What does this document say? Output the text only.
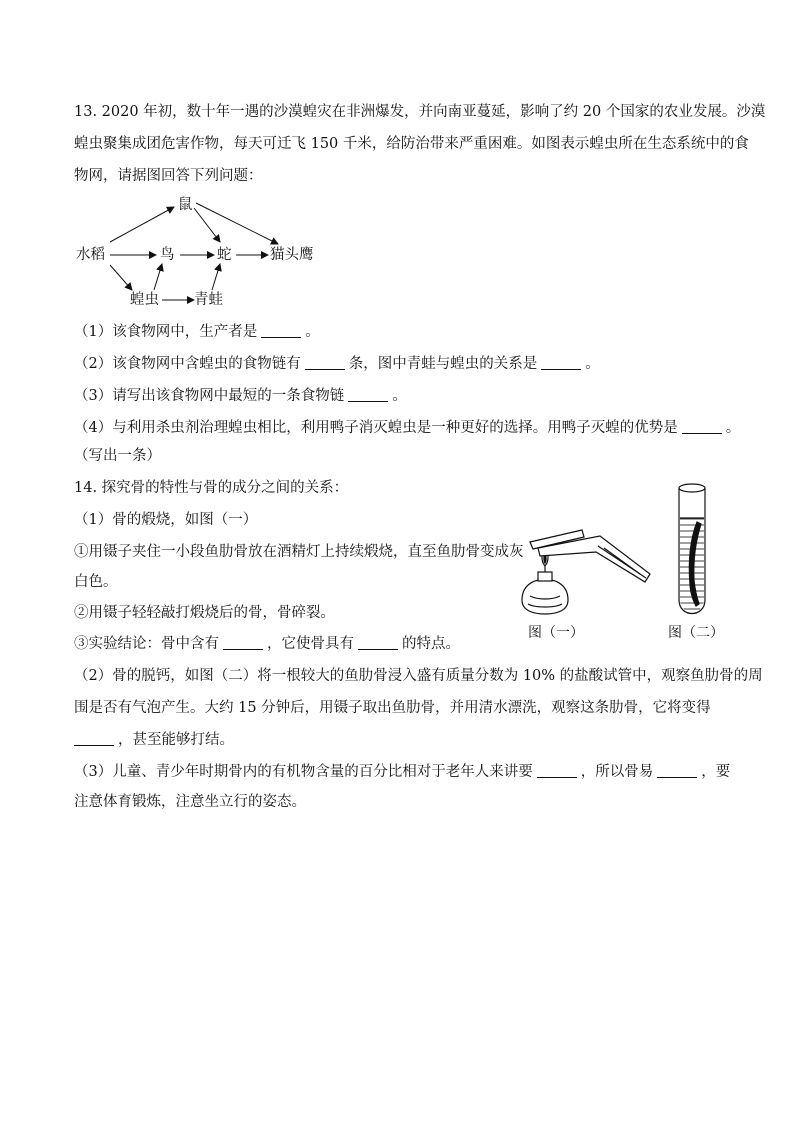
13. 2020 年初，数十年一遇的沙漠蝗灾在非洲爆发，并向南亚蔓延，影响了约 20 个国家的农业发展。沙漠
蝗虫聚集成团危害作物，每天可迁飞 150 千米，给防治带来严重困难。如图表示蝗虫所在生态系统中的食
物网，请据图回答下列问题：
水稻
鼠
鸟	蛇	猫头鹰
蝗虫 青蛙
（1）该食物网中，生产者是	。
（2）该食物网中含蝗虫的食物链有	条，图中青蛙与蝗虫的关系是	。
（3）请写出该食物网中最短的一条食物链	。
（4）与利用杀虫剂治理蝗虫相比，利用鸭子消灭蝗虫是一种更好的选择。用鸭子灭蝗的优势是	。
（写出一条）
14. 探究骨的特性与骨的成分之间的关系：
（1）骨的煅烧，如图（一）
①用镊子夹住一小段鱼肋骨放在酒精灯上持续煅烧，直至鱼肋骨变成灰
白色。
②用镊子轻轻敲打煅烧后的骨，骨碎裂。
③实验结论：骨中含有	，它使骨具有	的特点。
图（一）	图（二）
（2）骨的脱钙，如图（二）将一根较大的鱼肋骨浸入盛有质量分数为 10% 的盐酸试管中，观察鱼肋骨的周
围是否有气泡产生。大约 15 分钟后，用镊子取出鱼肋骨，并用清水漂洗，观察这条肋骨，它将变得
，甚至能够打结。
（3）儿童、青少年时期骨内的有机物含量的百分比相对于老年人来讲要	，所以骨易	，要
注意体育锻炼，注意坐立行的姿态。
